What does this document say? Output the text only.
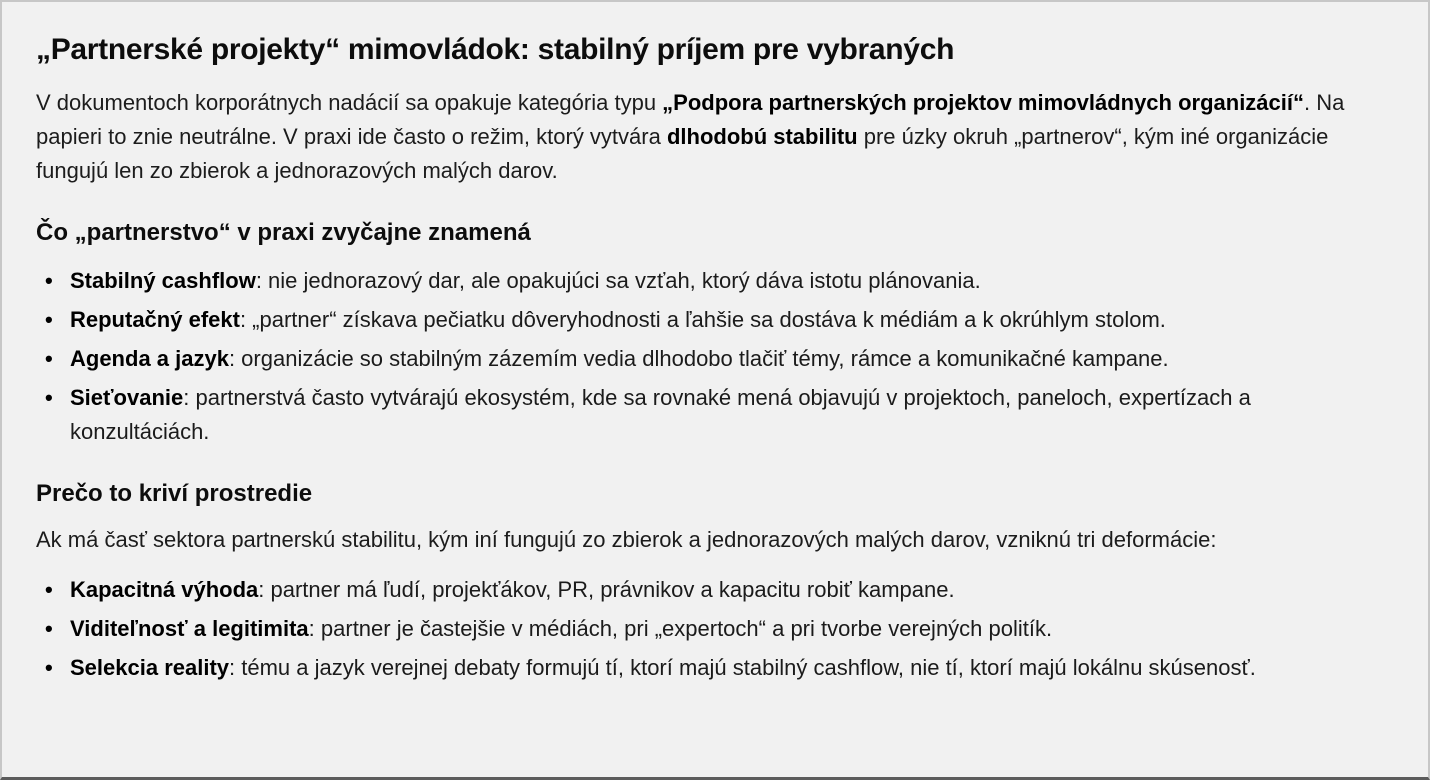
„Partnerské projekty“ mimovládok: stabilný príjem pre vybraných

V dokumentoch korporátnych nadácií sa opakuje kategória typu „Podpora partnerských projektov mimovládnych organizácií“. Na papieri to znie neutrálne. V praxi ide často o režim, ktorý vytvára dlhodobú stabilitu pre úzky okruh „partnerov“, kým iné organizácie fungujú len zo zbierok a jednorazových malých darov.

Čo „partnerstvo“ v praxi zvyčajne znamená
•
Stabilný cashflow: nie jednorazový dar, ale opakujúci sa vzťah, ktorý dáva istotu plánovania.
•
Reputačný efekt: „partner“ získava pečiatku dôveryhodnosti a ľahšie sa dostáva k médiám a k okrúhlym stolom.
•
Agenda a jazyk: organizácie so stabilným zázemím vedia dlhodobo tlačiť témy, rámce a komunikačné kampane.
•
Sieťovanie: partnerstvá často vytvárajú ekosystém, kde sa rovnaké mená objavujú v projektoch, paneloch, expertízach a konzultáciách.
Prečo to kriví prostredie

Ak má časť sektora partnerskú stabilitu, kým iní fungujú zo zbierok a jednorazových malých darov, vzniknú tri deformácie:

•
Kapacitná výhoda: partner má ľudí, projekťákov, PR, právnikov a kapacitu robiť kampane.
•
Viditeľnosť a legitimita: partner je častejšie v médiách, pri „expertoch“ a pri tvorbe verejných politík.
•
Selekcia reality: tému a jazyk verejnej debaty formujú tí, ktorí majú stabilný cashflow, nie tí, ktorí majú lokálnu skúsenosť.
